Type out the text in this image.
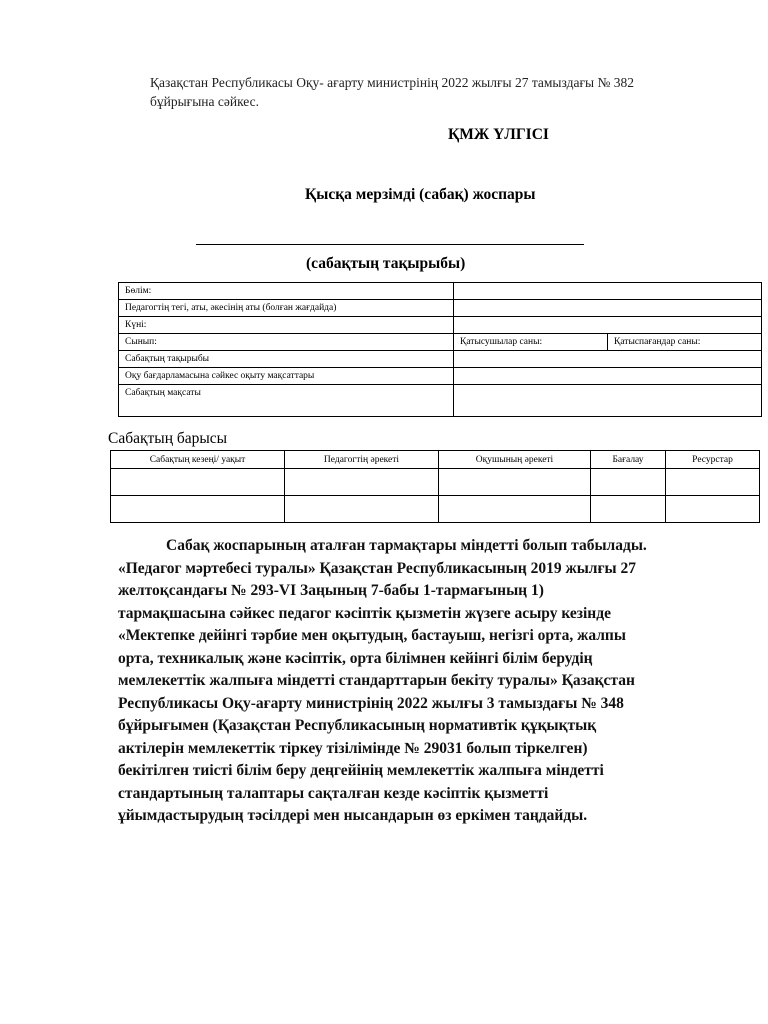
Қазақстан Республикасы Оқу- ағарту министрінің 2022 жылғы 27 тамыздағы № 382
бұйрығына сәйкес.
ҚМЖ ҮЛГІСІ
Қысқа мерзімді (сабақ) жоспары
(сабақтың тақырыбы)
Бөлім:		
Педагогтің тегі, аты, әкесінің аты (болған жағдайда)		
Күні:		
Сынып:	Қатысушылар саны:	Қатыспағандар саны:
Сабақтың тақырыбы		
Оқу бағдарламасына сәйкес оқыту мақсаттары		
Сабақтың мақсаты		
Сабақтың барысы
Сабақтың кезеңі/ уақыт	Педагогтің әрекеті	Оқушының әрекеті	Бағалау	Ресурстар

Сабақ жоспарының аталған тармақтары міндетті болып табылады.

«Педагог мәртебесі туралы» Қазақстан Республикасының 2019 жылғы 27

желтоқсандағы № 293-VI Заңының 7-бабы 1-тармағының 1)

тармақшасына сәйкес педагог кәсіптік қызметін жүзеге асыру кезінде

«Мектепке дейінгі тәрбие мен оқытудың, бастауыш, негізгі орта, жалпы

орта, техникалық және кәсіптік, орта білімнен кейінгі білім берудің

мемлекеттік жалпыға міндетті стандарттарын бекіту туралы» Қазақстан

Республикасы Оқу-ағарту министрінің 2022 жылғы 3 тамыздағы № 348

бұйрығымен (Қазақстан Республикасының нормативтік құқықтық

актілерін мемлекеттік тіркеу тізілімінде № 29031 болып тіркелген)

бекітілген тиісті білім беру деңгейінің мемлекеттік жалпыға міндетті

стандартының талаптары сақталған кезде кәсіптік қызметті

ұйымдастырудың тәсілдері мен нысандарын өз еркімен таңдайды.
